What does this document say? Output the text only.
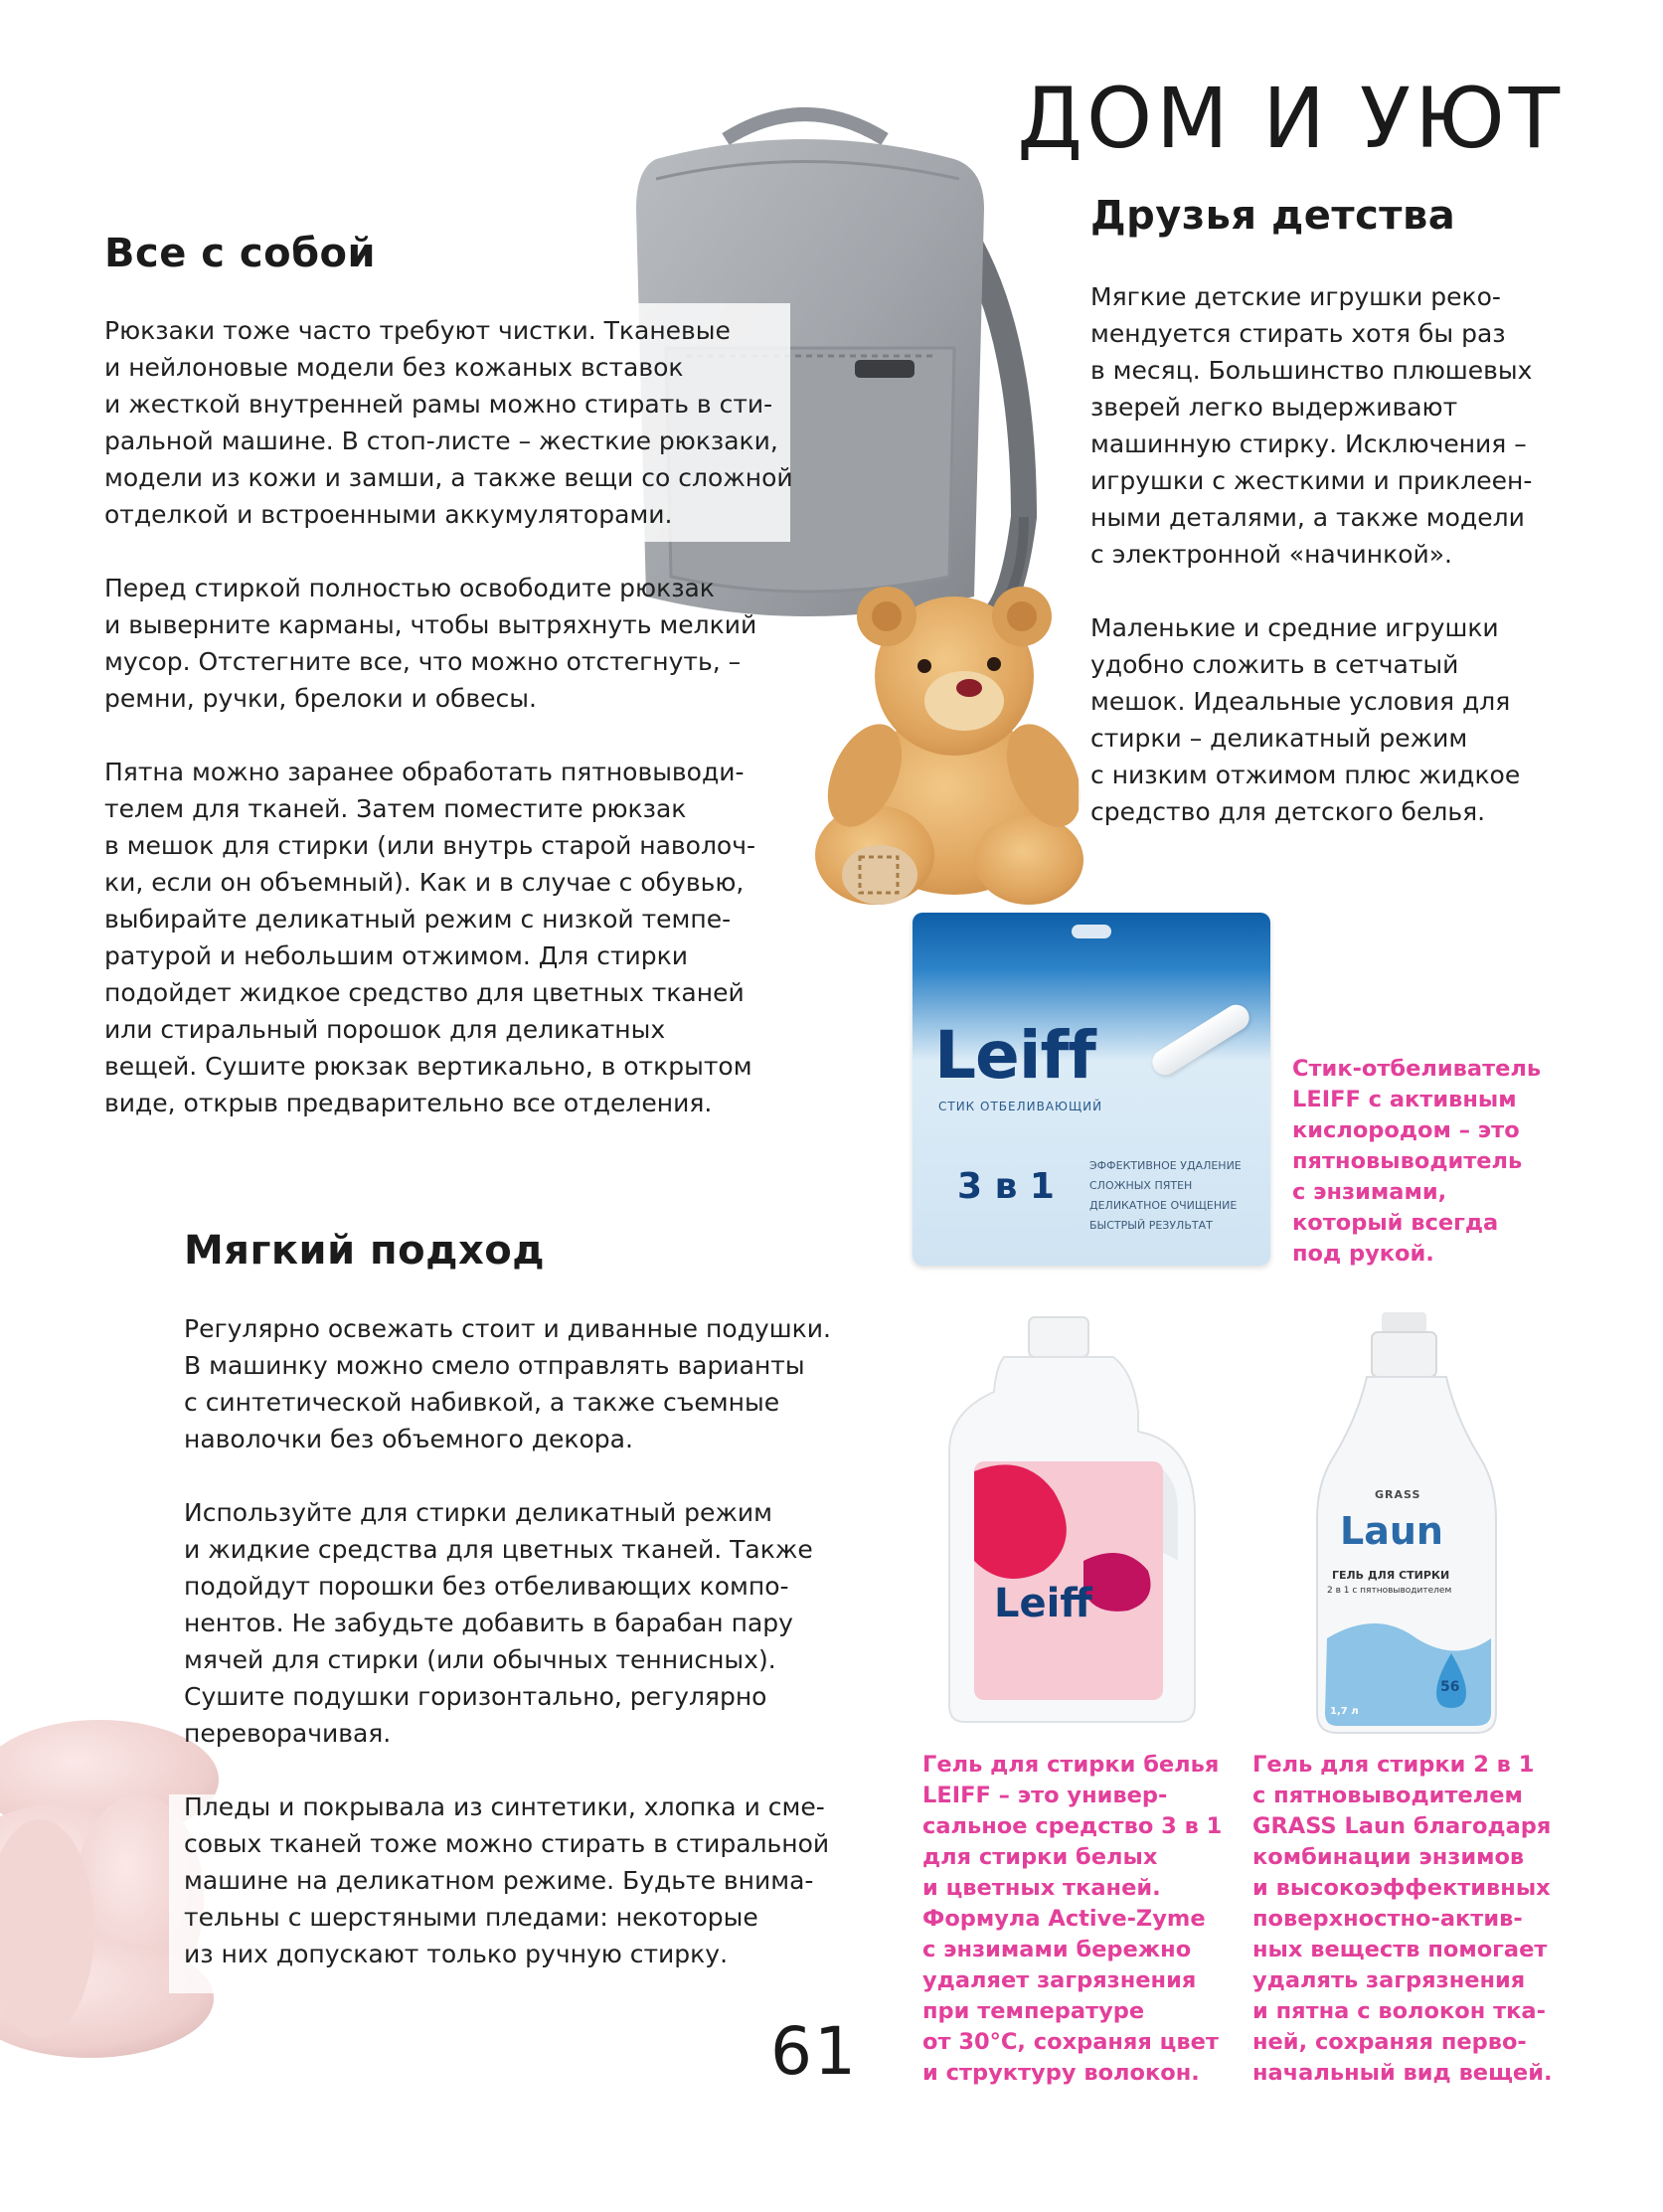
Leiff
СТИК ОТБЕЛИВАЮЩИЙ
3 в 1
ЭФФЕКТИВНОЕ УДАЛЕНИЕ
СЛОЖНЫХ ПЯТЕН
ДЕЛИКАТНОЕ ОЧИЩЕНИЕ
БЫСТРЫЙ РЕЗУЛЬТАТ
Leiff
GRASS
Laun
ГЕЛЬ ДЛЯ СТИРКИ
2 в 1 с пятновыводителем
1,7 л
56
ДОМ И УЮТ
Все с собой

Рюкзаки тоже часто требуют чистки. Тканевые
и нейлоновые модели без кожаных вставок
и жесткой внутренней рамы можно стирать в сти-
ральной машине. В стоп-листе – жесткие рюкзаки,
модели из кожи и замши, а также вещи со сложной
отделкой и встроенными аккумуляторами.

Перед стиркой полностью освободите рюкзак
и выверните карманы, чтобы вытряхнуть мелкий
мусор. Отстегните все, что можно отстегнуть, –
ремни, ручки, брелоки и обвесы.

Пятна можно заранее обработать пятновыводи-
телем для тканей. Затем поместите рюкзак
в мешок для стирки (или внутрь старой наволоч-
ки, если он объемный). Как и в случае с обувью,
выбирайте деликатный режим с низкой темпе-
ратурой и небольшим отжимом. Для стирки
подойдет жидкое средство для цветных тканей
или стиральный порошок для деликатных
вещей. Сушите рюкзак вертикально, в открытом
виде, открыв предварительно все отделения.

Друзья детства

Мягкие детские игрушки реко-
мендуется стирать хотя бы раз
в месяц. Большинство плюшевых
зверей легко выдерживают
машинную стирку. Исключения –
игрушки с жесткими и приклеен-
ными деталями, а также модели
с электронной «начинкой».

Маленькие и средние игрушки
удобно сложить в сетчатый
мешок. Идеальные условия для
стирки – деликатный режим
с низким отжимом плюс жидкое
средство для детского белья.

Стик-отбеливатель
LEIFF с активным
кислородом – это
пятновыводитель
с энзимами,
который всегда
под рукой.

Мягкий подход

Регулярно освежать стоит и диванные подушки.
В машинку можно смело отправлять варианты
с синтетической набивкой, а также съемные
наволочки без объемного декора.

Используйте для стирки деликатный режим
и жидкие средства для цветных тканей. Также
подойдут порошки без отбеливающих компо-
нентов. Не забудьте добавить в барабан пару
мячей для стирки (или обычных теннисных).
Сушите подушки горизонтально, регулярно
переворачивая.

Пледы и покрывала из синтетики, хлопка и сме-
совых тканей тоже можно стирать в стиральной
машине на деликатном режиме. Будьте внима-
тельны с шерстяными пледами: некоторые
из них допускают только ручную стирку.

Гель для стирки белья
LEIFF – это универ-
сальное средство 3 в 1
для стирки белых
и цветных тканей.
Формула Active-Zyme
с энзимами бережно
удаляет загрязнения
при температуре
от 30°C, сохраняя цвет
и структуру волокон.

Гель для стирки 2 в 1
с пятновыводителем
GRASS Laun благодаря
комбинации энзимов
и высокоэффективных
поверхностно-актив-
ных веществ помогает
удалять загрязнения
и пятна с волокон тка-
ней, сохраняя перво-
начальный вид вещей.

61
